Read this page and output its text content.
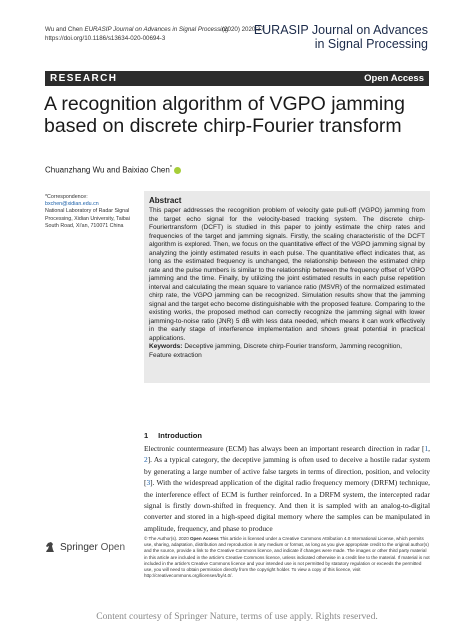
Wu and Chen EURASIP Journal on Advances in Signal Processing
https://doi.org/10.1186/s13634-020-00694-3
(2020) 2020:37
EURASIP Journal on Advances
in Signal Processing
RESEARCH	Open Access
A recognition algorithm of VGPO jamming based on discrete chirp-Fourier transform
Chuanzhang Wu and Baixiao Chen*
*Correspondence:
bxchen@xidian.edu.cn
National Laboratory of Radar Signal Processing, Xidian University, Taibai South Road, Xi'an, 710071 China
Abstract
This paper addresses the recognition problem of velocity gate pull-off (VGPO) jamming from the target echo signal for the velocity-based tracking system. The discrete chirp-Fouriertransform (DCFT) is studied in this paper to jointly estimate the chirp rates and frequencies of the target and jamming signals. Firstly, the scaling characteristic of the DCFT algorithm is explored. Then, we focus on the quantitative effect of the VGPO jamming signal by analyzing the jointly estimated results in each pulse. The quantitative effect indicates that, as long as the estimated frequency is unchanged, the relationship between the estimated chirp rate and the pulse numbers is similar to the relationship between the frequency offset of VGPO jamming and the time. Finally, by utilizing the joint estimated results in each pulse repetition interval and calculating the mean square to variance ratio (MSVR) of the normalized estimated chirp rate, the VGPO jamming can be recognized. Simulation results show that the jamming signal and the target echo become distinguishable with the proposed feature. Comparing to the existing works, the proposed method can correctly recognize the jamming signal with lower jamming-to-noise ratio (JNR) 5 dB with less data needed, which means it can work effectively in the early stage of interference implementation and shows great potential in practical applications.
Keywords: Deceptive jamming, Discrete chirp-Fourier transform, Jamming recognition, Feature extraction
1 Introduction
Electronic countermeasure (ECM) has always been an important research direction in radar [1, 2]. As a typical category, the deceptive jamming is often used to deceive a hostile radar system by generating a large number of active false targets in terms of direction, position, and velocity [3]. With the widespread application of the digital radio frequency memory (DRFM) technique, the interference effect of ECM is further reinforced. In a DRFM system, the intercepted radar signal is firstly down-shifted in frequency. And then it is sampled with an analog-to-digital converter and stored in a high-speed digital memory where the samples can be manipulated in amplitude, frequency, and phase to produce
Springer Open
© The Author(s). 2020 Open Access This article is licensed under a Creative Commons Attribution 4.0 International License, which permits use, sharing, adaptation, distribution and reproduction in any medium or format, as long as you give appropriate credit to the original author(s) and the source, provide a link to the Creative Commons licence, and indicate if changes were made. The images or other third party material in this article are included in the article's Creative Commons licence, unless indicated otherwise in a credit line to the material. If material is not included in the article's Creative Commons licence and your intended use is not permitted by statutory regulation or exceeds the permitted use, you will need to obtain permission directly from the copyright holder. To view a copy of this licence, visit http://creativecommons.org/licenses/by/4.0/.
Content courtesy of Springer Nature, terms of use apply. Rights reserved.
